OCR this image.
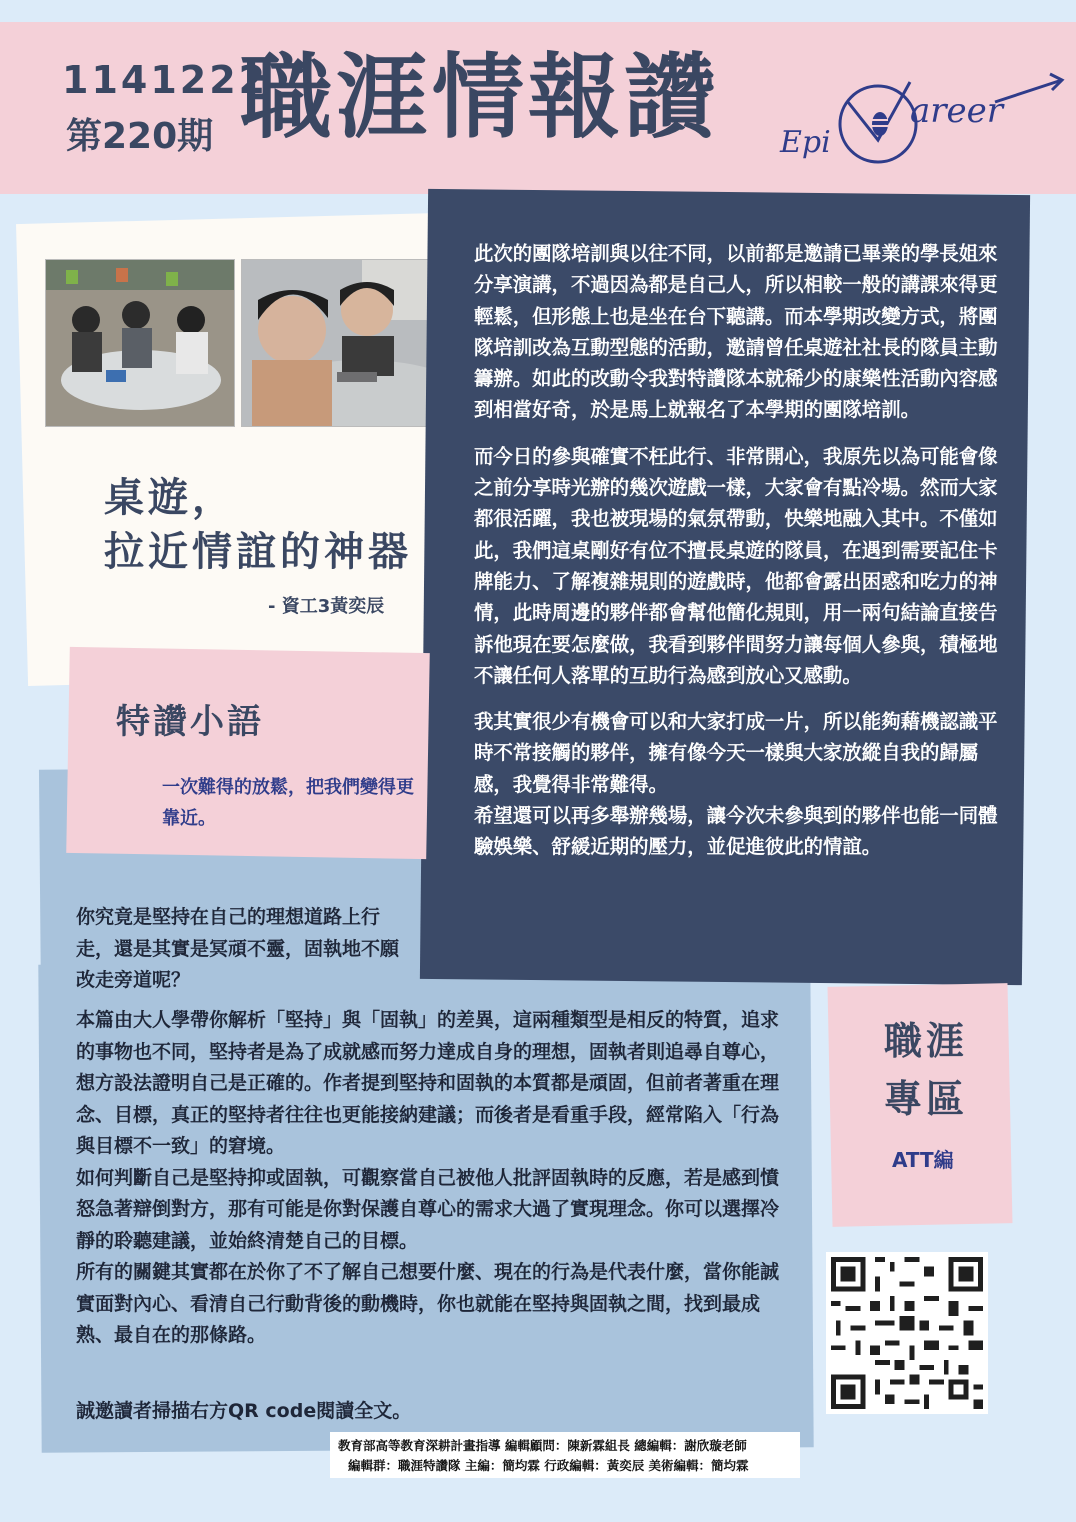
1141222
第220期 職涯情報讚 Epi
areer
桌遊，
拉近情誼的神器
- 資工3黃奕辰

此次的團隊培訓與以往不同，以前都是邀請已畢業的學長姐來分享演講，不過因為都是自己人，所以相較一般的講課來得更輕鬆，但形態上也是坐在台下聽講。而本學期改變方式，將團隊培訓改為互動型態的活動，邀請曾任桌遊社社長的隊員主動籌辦。如此的改動令我對特讚隊本就稀少的康樂性活動內容感到相當好奇，於是馬上就報名了本學期的團隊培訓。

而今日的參與確實不枉此行、非常開心，我原先以為可能會像之前分享時光辦的幾次遊戲一樣，大家會有點冷場。然而大家都很活躍，我也被現場的氣氛帶動，快樂地融入其中。不僅如此，我們這桌剛好有位不擅長桌遊的隊員，在遇到需要記住卡牌能力、了解複雜規則的遊戲時，他都會露出困惑和吃力的神情，此時周邊的夥伴都會幫他簡化規則，用一兩句結論直接告訴他現在要怎麼做，我看到夥伴間努力讓每個人參與，積極地不讓任何人落單的互助行為感到放心又感動。

我其實很少有機會可以和大家打成一片，所以能夠藉機認識平時不常接觸的夥伴，擁有像今天一樣與大家放縱自我的歸屬感，我覺得非常難得。
希望還可以再多舉辦幾場，讓今次未參與到的夥伴也能一同體驗娛樂、舒緩近期的壓力，並促進彼此的情誼。

特讚小語
一次難得的放鬆，把我們變得更靠近。
你究竟是堅持在自己的理想道路上行走，還是其實是冥頑不靈，固執地不願改走旁道呢？

本篇由大人學帶你解析「堅持」與「固執」的差異，這兩種類型是相反的特質，追求的事物也不同，堅持者是為了成就感而努力達成自身的理想，固執者則追尋自尊心，想方設法證明自己是正確的。作者提到堅持和固執的本質都是頑固，但前者著重在理念、目標，真正的堅持者往往也更能接納建議；而後者是看重手段，經常陷入「行為與目標不一致」的窘境。

如何判斷自己是堅持抑或固執，可觀察當自己被他人批評固執時的反應，若是感到憤怒急著辯倒對方，那有可能是你對保護自尊心的需求大過了實現理念。你可以選擇冷靜的聆聽建議，並始終清楚自己的目標。

所有的關鍵其實都在於你了不了解自己想要什麼、現在的行為是代表什麼，當你能誠實面對內心、看清自己行動背後的動機時，你也就能在堅持與固執之間，找到最成熟、最自在的那條路。

誠邀讀者掃描右方QR code閱讀全文。
職涯
專區
ATT編
教育部高等教育深耕計畫指導 編輯顧問：陳新霖組長 總編輯：謝欣璇老師
編輯群：職涯特讚隊 主編：簡均霖 行政編輯：黃奕辰 美術編輯：簡均霖
